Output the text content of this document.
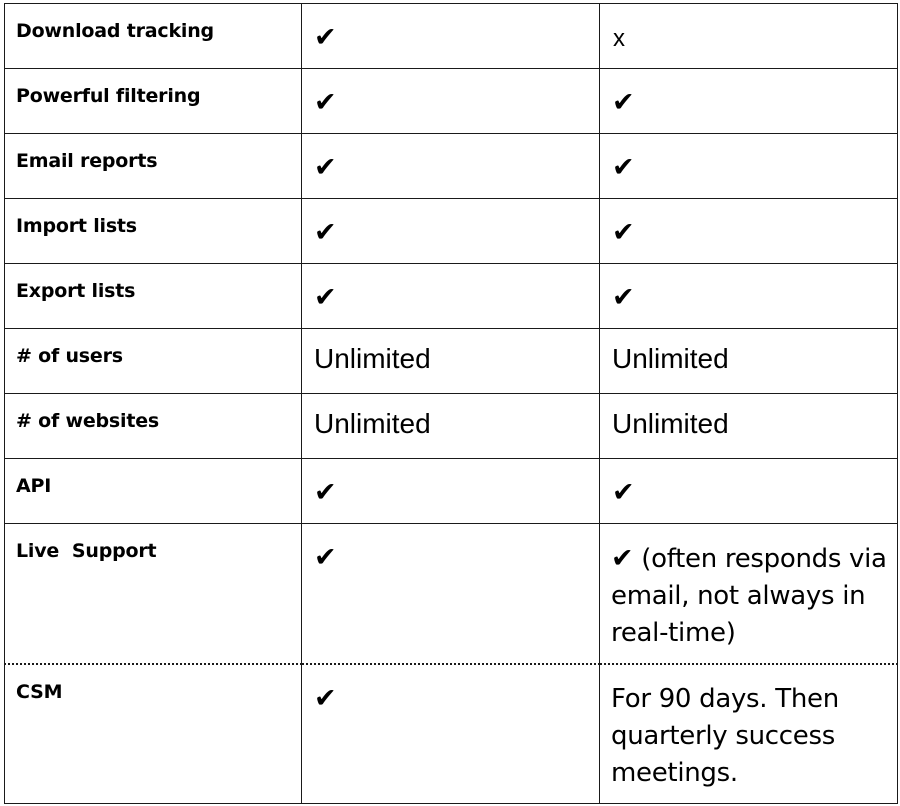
Download tracking	✔	x

Powerful filtering	✔	✔

Email reports	✔	✔

Import lists	✔	✔

Export lists	✔	✔

# of users	Unlimited	Unlimited

# of websites	Unlimited	Unlimited

API	✔	✔

Live  Support	✔	✔ (often responds via email, not always in real-time)

CSM	✔	For 90 days. Then quarterly success meetings.
